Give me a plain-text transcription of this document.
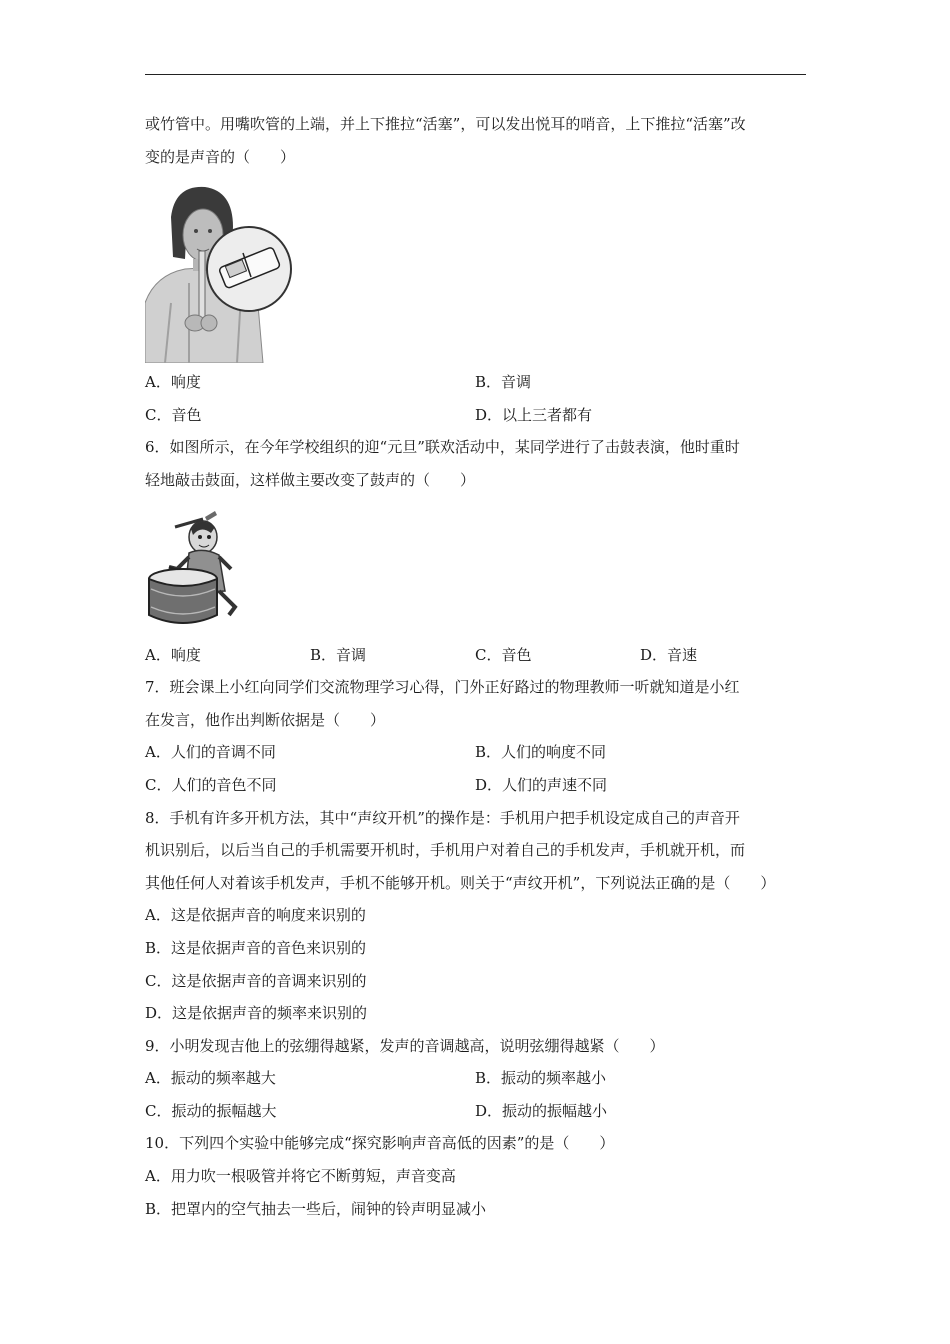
或竹管中。用嘴吹管的上端，并上下推拉“活塞”，可以发出悦耳的哨音，上下推拉“活塞”改
变的是声音的（　　）
A．响度	B．音调
C．音色	D．以上三者都有
6．如图所示，在今年学校组织的迎“元旦”联欢活动中，某同学进行了击鼓表演，他时重时
轻地敲击鼓面，这样做主要改变了鼓声的（　　）
A．响度	B．音调	C．音色	D．音速
7．班会课上小红向同学们交流物理学习心得，门外正好路过的物理教师一听就知道是小红
在发言，他作出判断依据是（　　）
A．人们的音调不同	B．人们的响度不同
C．人们的音色不同	D．人们的声速不同
8．手机有许多开机方法，其中“声纹开机”的操作是：手机用户把手机设定成自己的声音开
机识别后，以后当自己的手机需要开机时，手机用户对着自己的手机发声，手机就开机，而
其他任何人对着该手机发声，手机不能够开机。则关于“声纹开机”，下列说法正确的是（　　）
A．这是依据声音的响度来识别的
B．这是依据声音的音色来识别的
C．这是依据声音的音调来识别的
D．这是依据声音的频率来识别的
9．小明发现吉他上的弦绷得越紧，发声的音调越高，说明弦绷得越紧（　　）
A．振动的频率越大	B．振动的频率越小
C．振动的振幅越大	D．振动的振幅越小
10．下列四个实验中能够完成“探究影响声音高低的因素”的是（　　）
A．用力吹一根吸管并将它不断剪短，声音变高
B．把罩内的空气抽去一些后，闹钟的铃声明显减小
